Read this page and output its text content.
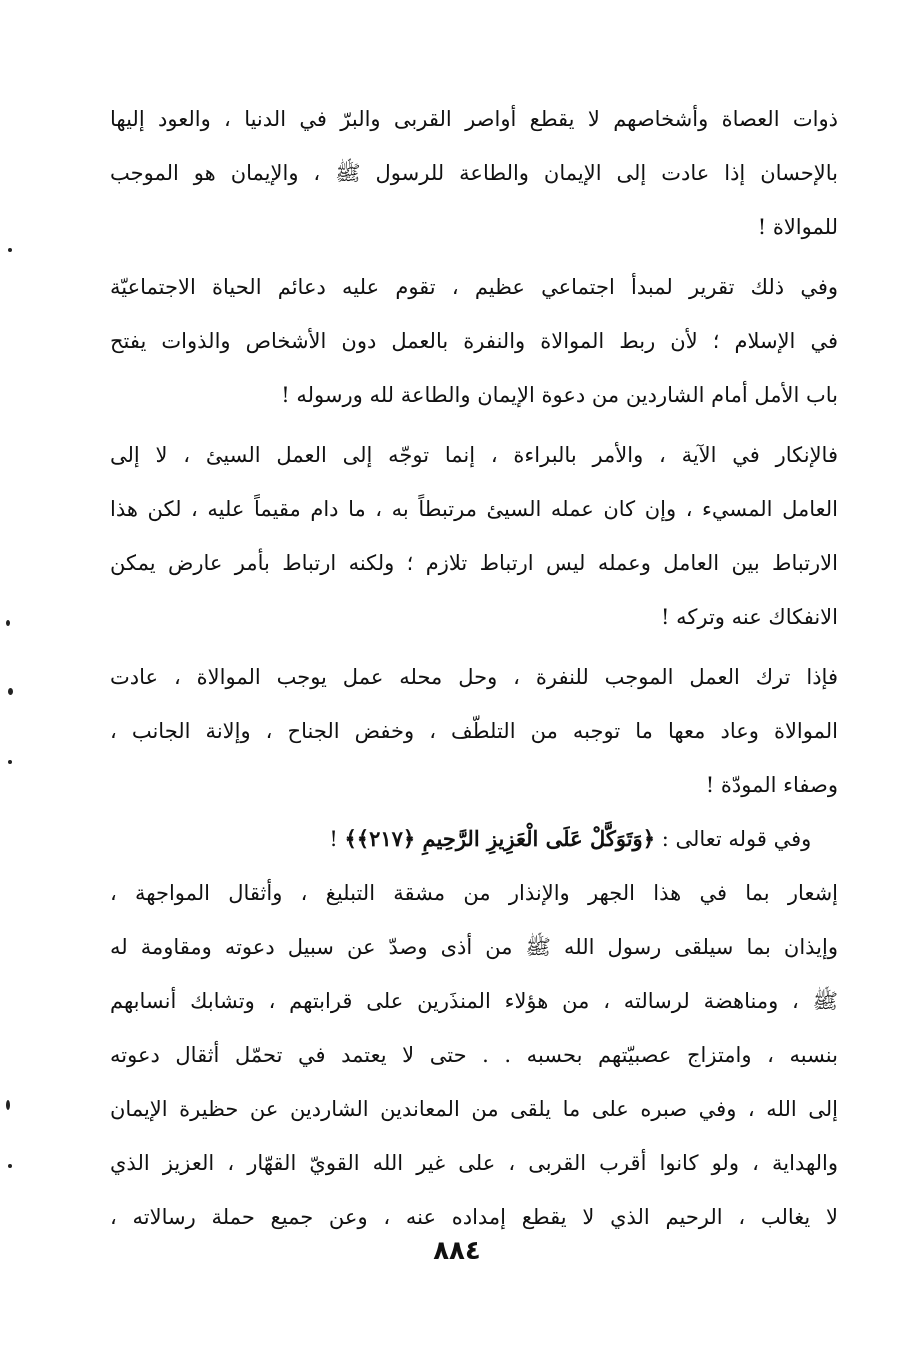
ذوات العصاة وأشخاصهم لا يقطع أواصر القربى والبرّ في الدنيا ، والعود إليها
بالإحسان إذا عادت إلى الإيمان والطاعة للرسول ﷺ ، والإيمان هو الموجب
للموالاة !
وفي ذلك تقرير لمبدأ اجتماعي عظيم ، تقوم عليه دعائم الحياة الاجتماعيّة
في الإسلام ؛ لأن ربط الموالاة والنفرة بالعمل دون الأشخاص والذوات يفتح
باب الأمل أمام الشاردين من دعوة الإيمان والطاعة لله ورسوله !
فالإنكار في الآية ، والأمر بالبراءة ، إنما توجّه إلى العمل السيئ ، لا إلى
العامل المسيء ، وإن كان عمله السيئ مرتبطاً به ، ما دام مقيماً عليه ، لكن هذا
الارتباط بين العامل وعمله ليس ارتباط تلازم ؛ ولكنه ارتباط بأمر عارض يمكن
الانفكاك عنه وتركه !
فإذا ترك العمل الموجب للنفرة ، وحل محله عمل يوجب الموالاة ، عادت
الموالاة وعاد معها ما توجبه من التلطّف ، وخفض الجناح ، وإلانة الجانب ،
وصفاء المودّة !
وفي قوله تعالى : ﴿وَتَوَكَّلْ عَلَى الْعَزِيزِ الرَّحِيمِ ﴿٢١٧﴾﴾ !
إشعار بما في هذا الجهر والإنذار من مشقة التبليغ ، وأثقال المواجهة ،
وإيذان بما سيلقى رسول الله ﷺ من أذى وصدّ عن سبيل دعوته ومقاومة له
ﷺ ، ومناهضة لرسالته ، من هؤلاء المنذَرين على قرابتهم ، وتشابك أنسابهم
بنسبه ، وامتزاج عصبيّتهم بحسبه . . حتى لا يعتمد في تحمّل أثقال دعوته
إلى الله ، وفي صبره على ما يلقى من المعاندين الشاردين عن حظيرة الإيمان
والهداية ، ولو كانوا أقرب القربى ، على غير الله القويّ القهّار ، العزيز الذي
لا يغالب ، الرحيم الذي لا يقطع إمداده عنه ، وعن جميع حملة رسالاته ،
٨٨٤
